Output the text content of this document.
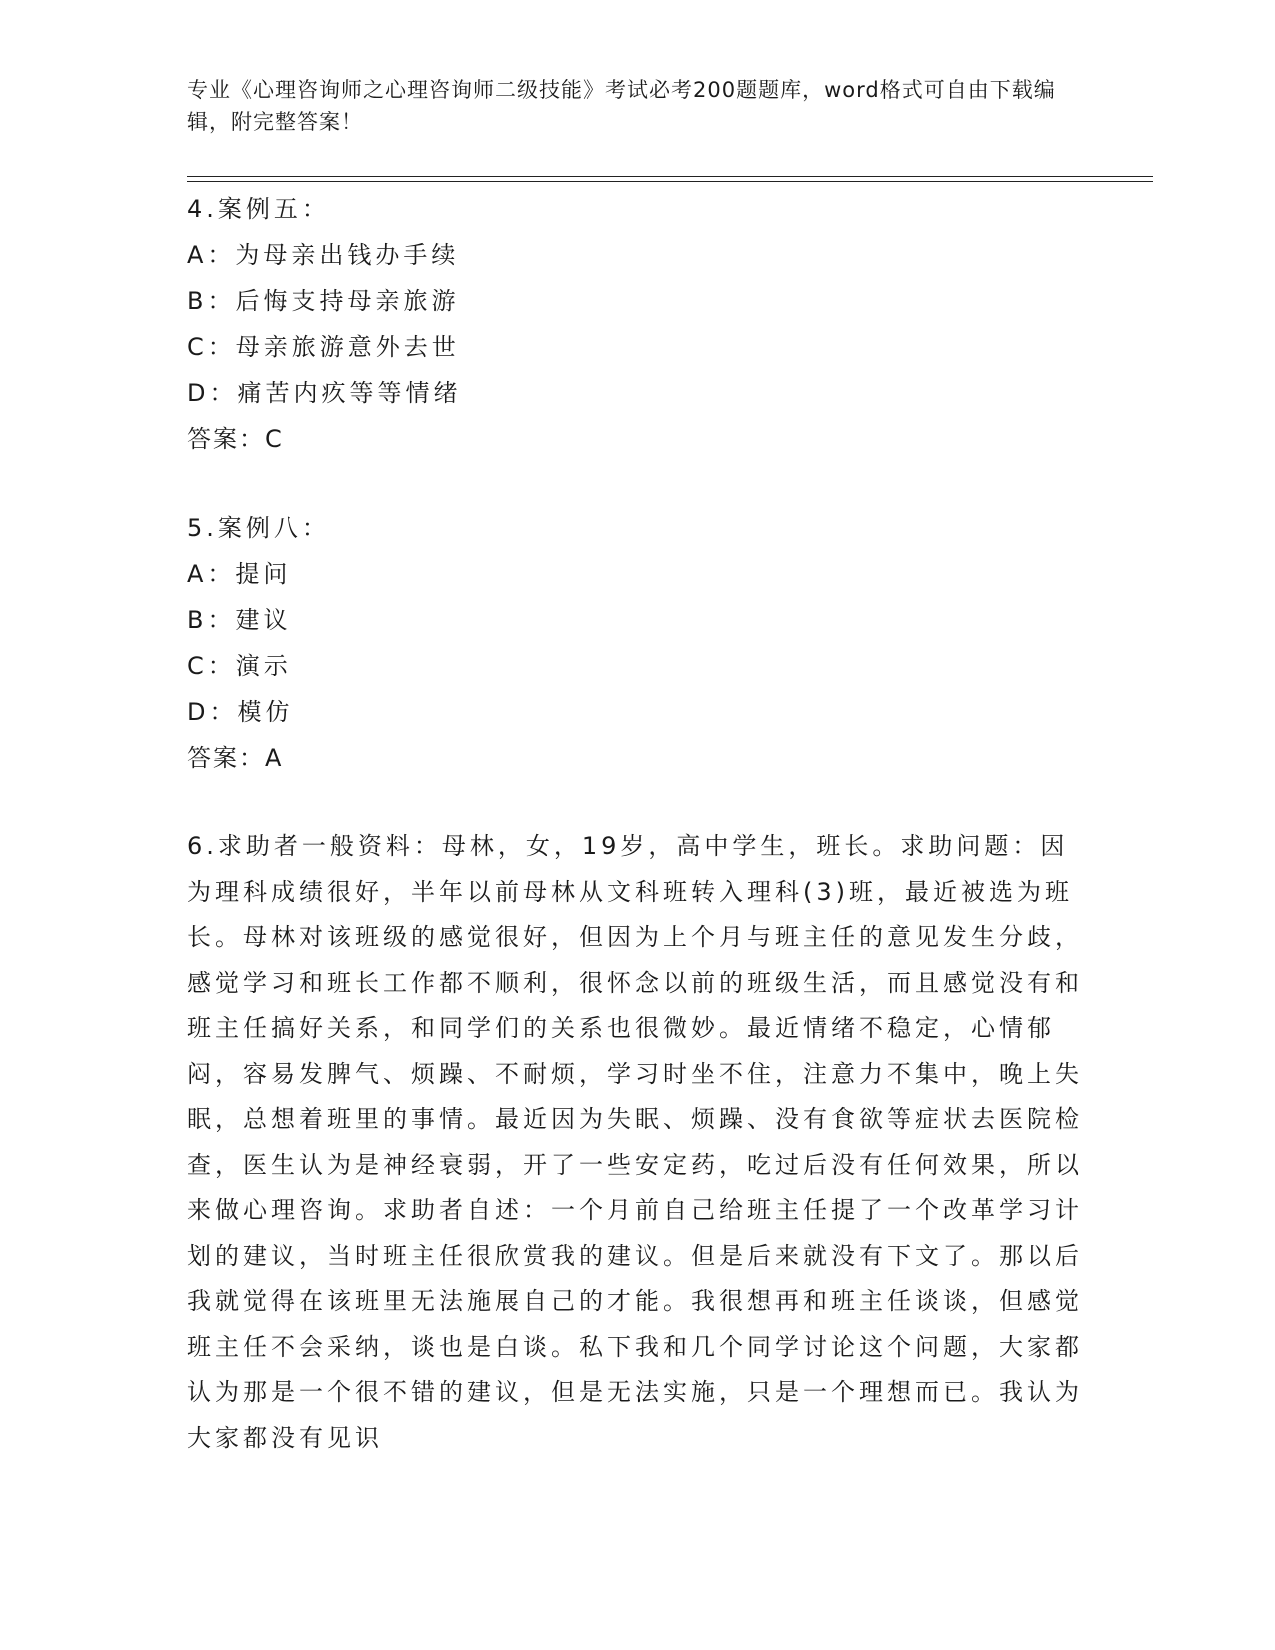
专业《心理咨询师之心理咨询师二级技能》考试必考200题题库，word格式可自由下载编辑，附完整答案！

4.案例五：

A：为母亲出钱办手续

B：后悔支持母亲旅游

C：母亲旅游意外去世

D：痛苦内疚等等情绪

答案：C

5.案例八：

A：提问

B：建议

C：演示

D：模仿

答案：A

6.求助者一般资料：母林，女，19岁，高中学生，班长。求助问题：因为理科成绩很好，半年以前母林从文科班转入理科(3)班，最近被选为班长。母林对该班级的感觉很好，但因为上个月与班主任的意见发生分歧，感觉学习和班长工作都不顺利，很怀念以前的班级生活，而且感觉没有和班主任搞好关系，和同学们的关系也很微妙。最近情绪不稳定，心情郁闷，容易发脾气、烦躁、不耐烦，学习时坐不住，注意力不集中，晚上失眠，总想着班里的事情。最近因为失眠、烦躁、没有食欲等症状去医院检查，医生认为是神经衰弱，开了一些安定药，吃过后没有任何效果，所以来做心理咨询。求助者自述：一个月前自己给班主任提了一个改革学习计划的建议，当时班主任很欣赏我的建议。但是后来就没有下文了。那以后我就觉得在该班里无法施展自己的才能。我很想再和班主任谈谈，但感觉班主任不会采纳，谈也是白谈。私下我和几个同学讨论这个问题，大家都认为那是一个很不错的建议，但是无法实施，只是一个理想而已。我认为大家都没有见识
